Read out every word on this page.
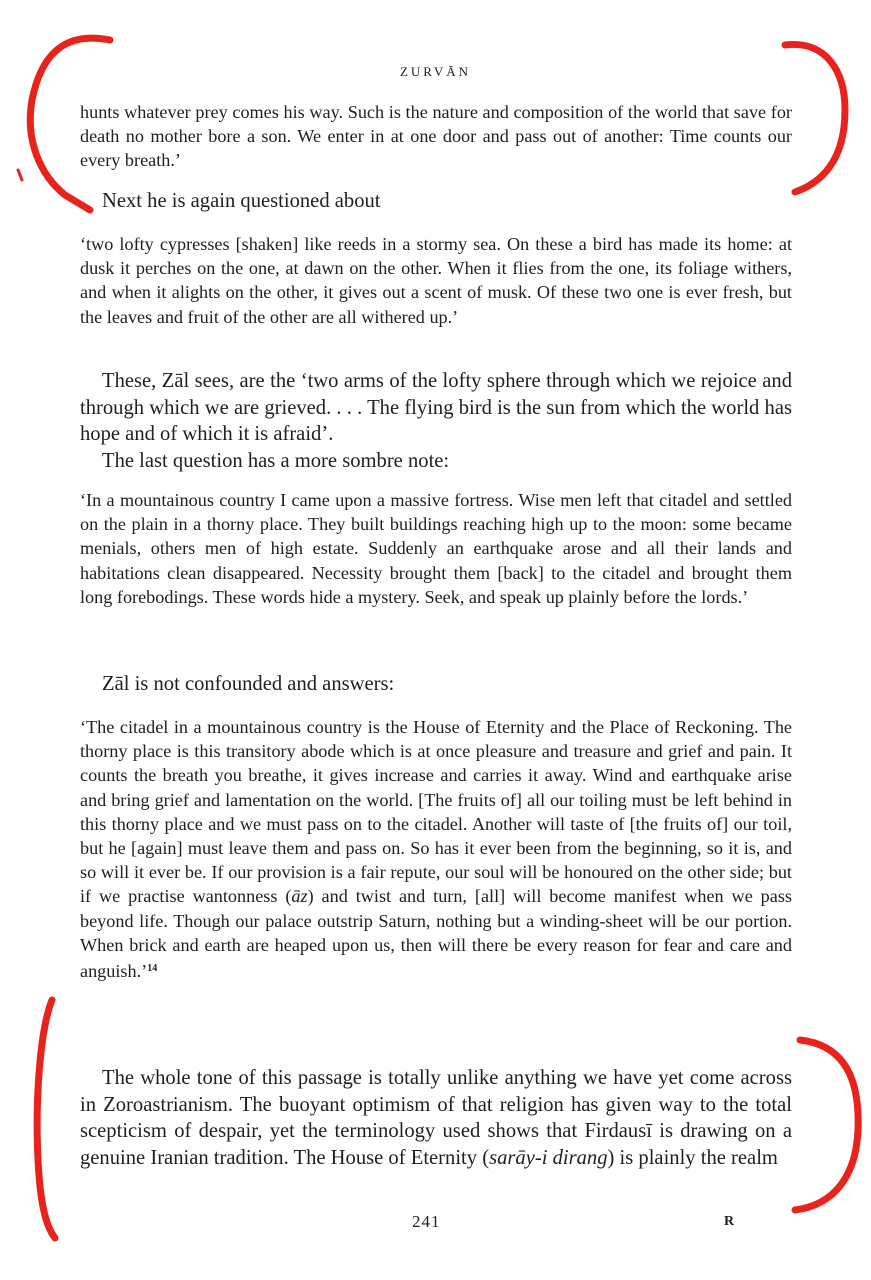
ZURVĀN

hunts whatever prey comes his way. Such is the nature and composition of the world that save for death no mother bore a son. We enter in at one door and pass out of another: Time counts our every breath.’

Next he is again questioned about

‘two lofty cypresses [shaken] like reeds in a stormy sea. On these a bird has made its home: at dusk it perches on the one, at dawn on the other. When it flies from the one, its foliage withers, and when it alights on the other, it gives out a scent of musk. Of these two one is ever fresh, but the leaves and fruit of the other are all withered up.’

These, Zāl sees, are the ‘two arms of the lofty sphere through which we rejoice and through which we are grieved. . . . The flying bird is the sun from which the world has hope and of which it is afraid’.

The last question has a more sombre note:

‘In a mountainous country I came upon a massive fortress. Wise men left that citadel and settled on the plain in a thorny place. They built buildings reaching high up to the moon: some became menials, others men of high estate. Suddenly an earthquake arose and all their lands and habitations clean disappeared. Necessity brought them [back] to the citadel and brought them long forebodings. These words hide a mystery. Seek, and speak up plainly before the lords.’

Zāl is not confounded and answers:

‘The citadel in a mountainous country is the House of Eternity and the Place of Reckoning. The thorny place is this transitory abode which is at once pleasure and treasure and grief and pain. It counts the breath you breathe, it gives increase and carries it away. Wind and earthquake arise and bring grief and lamentation on the world. [The fruits of] all our toiling must be left behind in this thorny place and we must pass on to the citadel. Another will taste of [the fruits of] our toil, but he [again] must leave them and pass on. So has it ever been from the beginning, so it is, and so will it ever be. If our provision is a fair repute, our soul will be honoured on the other side; but if we practise wantonness (āz) and twist and turn, [all] will become manifest when we pass beyond life. Though our palace outstrip Saturn, nothing but a winding-sheet will be our portion. When brick and earth are heaped upon us, then will there be every reason for fear and care and anguish.’$^{14}$

The whole tone of this passage is totally unlike anything we have yet come across in Zoroastrianism. The buoyant optimism of that religion has given way to the total scepticism of despair, yet the terminology used shows that Firdausī is drawing on a genuine Iranian tradition. The House of Eternity (sarāy-i dirang) is plainly the realm

241	R
